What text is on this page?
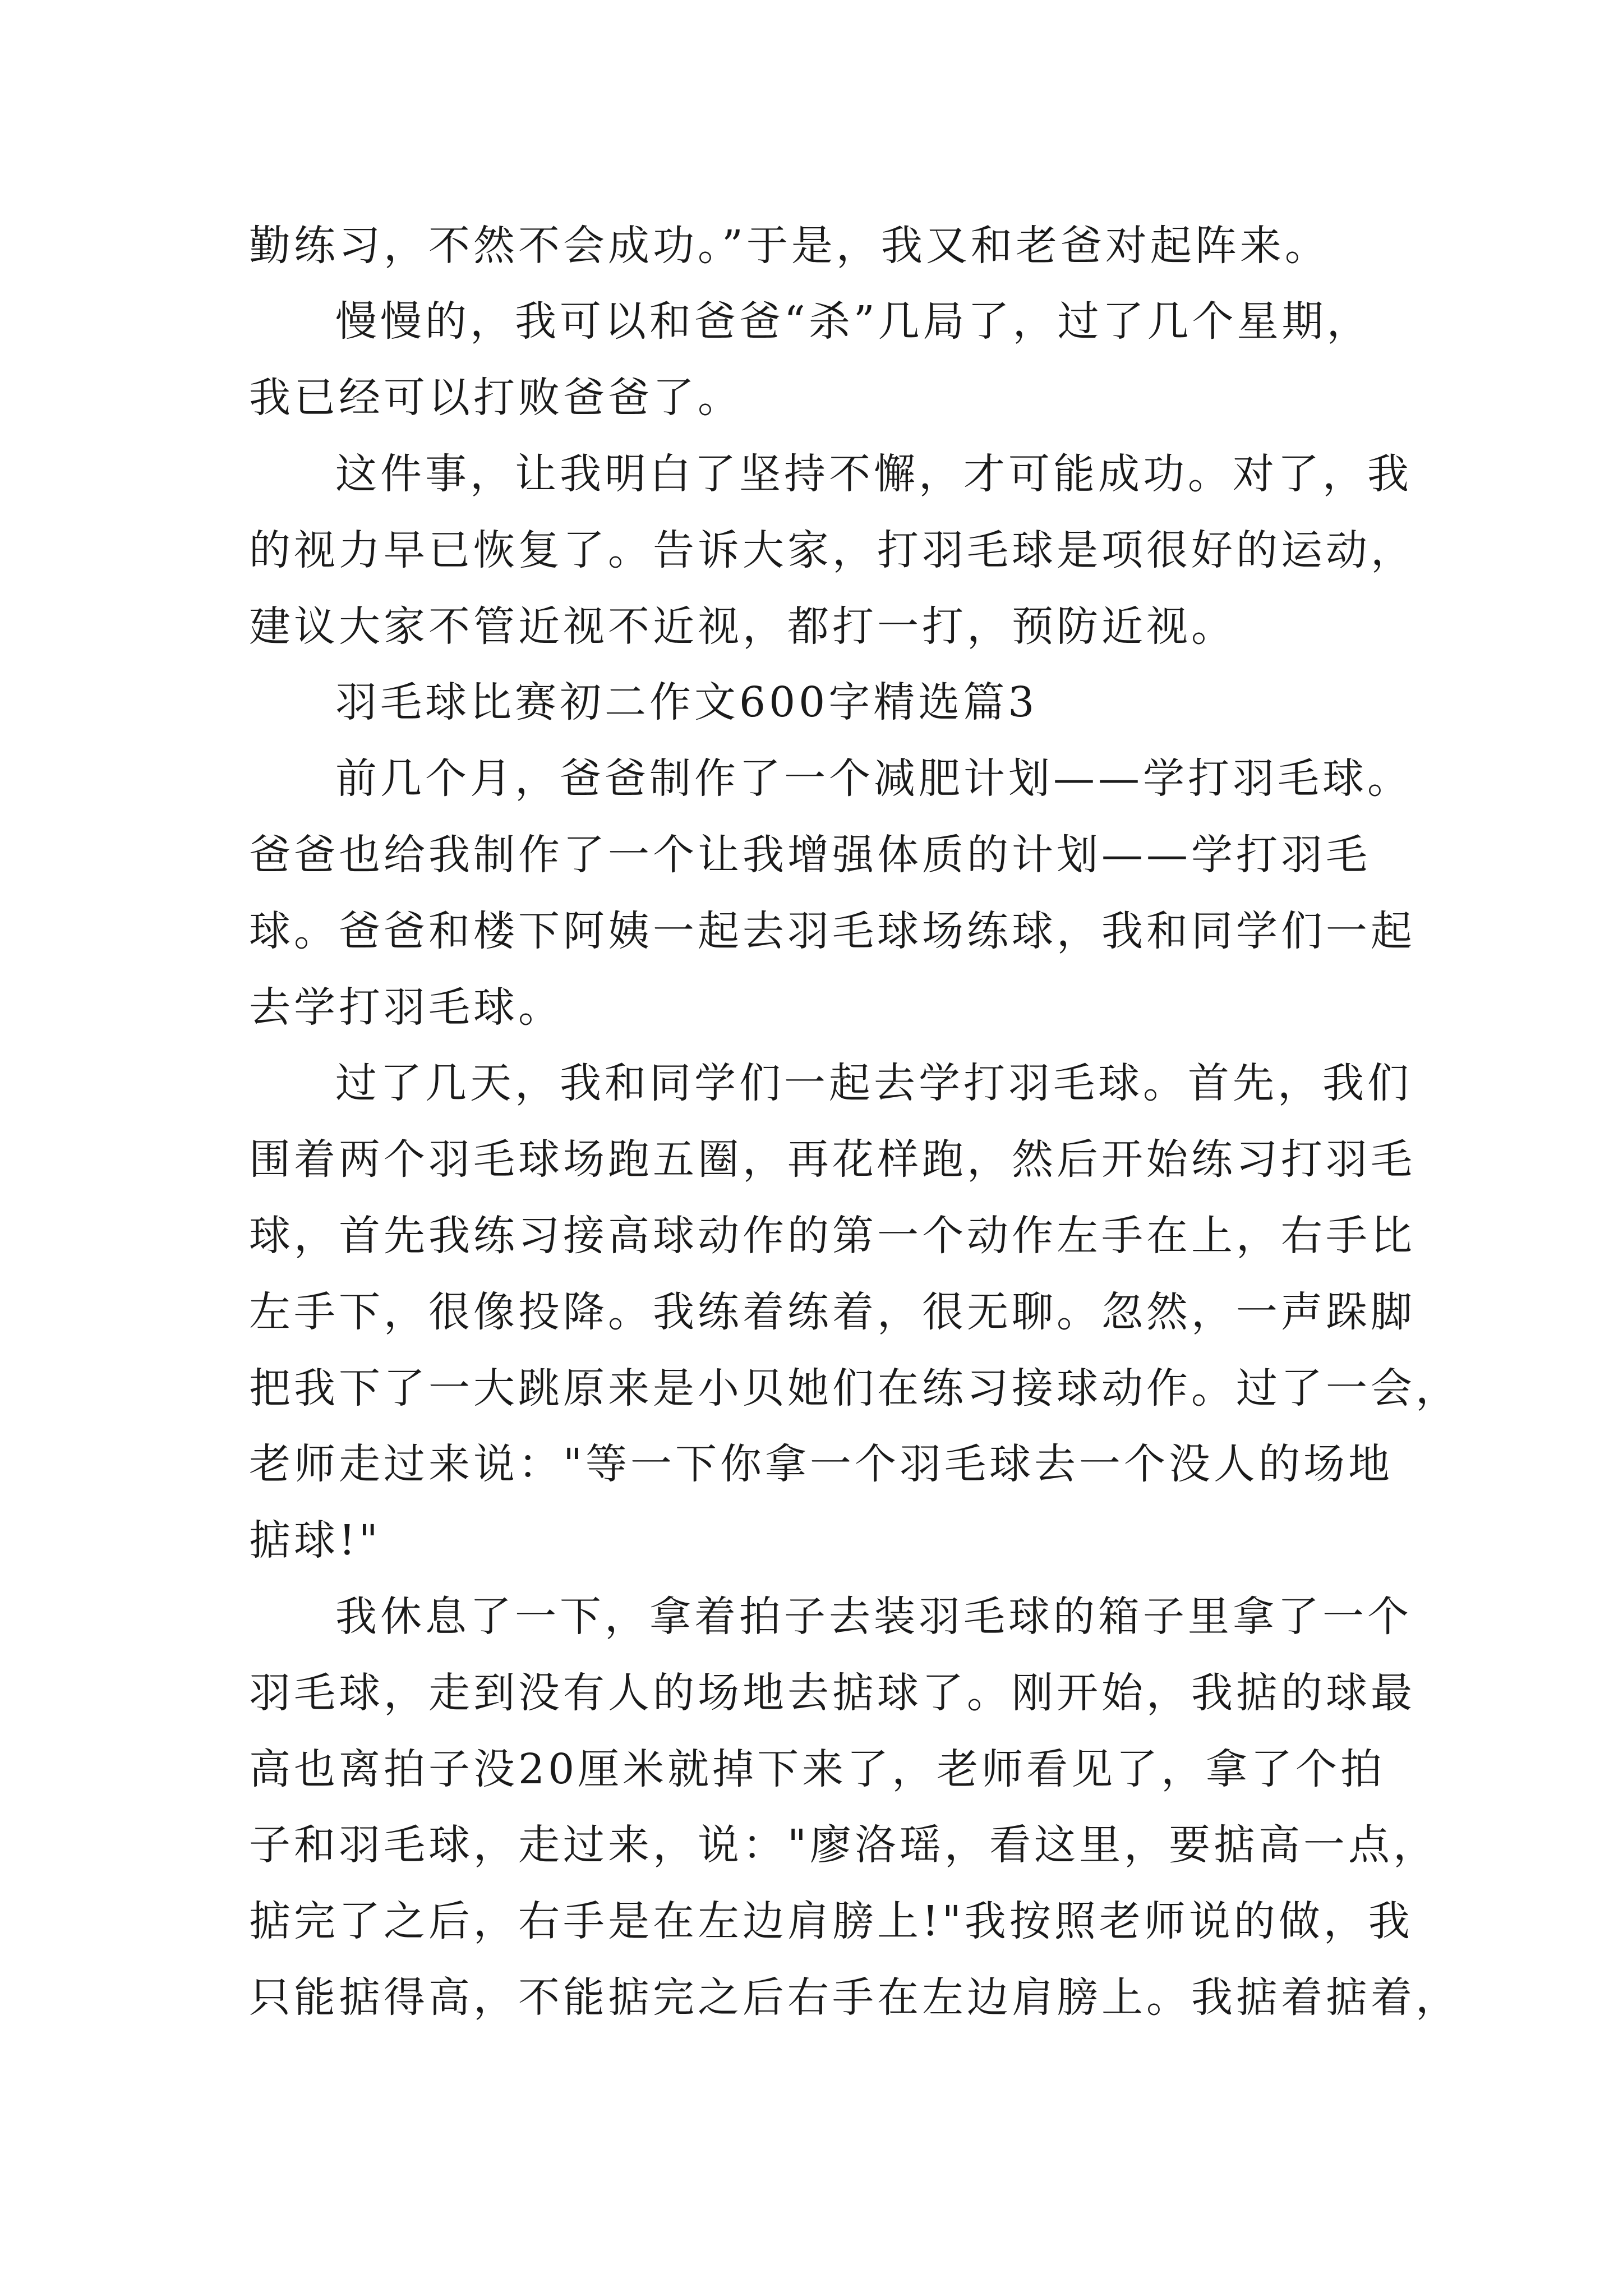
勤练习，不然不会成功。”于是，我又和老爸对起阵来。
慢慢的，我可以和爸爸“杀”几局了，过了几个星期，
我已经可以打败爸爸了。
这件事，让我明白了坚持不懈，才可能成功。对了，我
的视力早已恢复了。告诉大家，打羽毛球是项很好的运动，
建议大家不管近视不近视，都打一打，预防近视。
羽毛球比赛初二作文600字精选篇3
前几个月，爸爸制作了一个减肥计划——学打羽毛球。
爸爸也给我制作了一个让我增强体质的计划——学打羽毛
球。爸爸和楼下阿姨一起去羽毛球场练球，我和同学们一起
去学打羽毛球。
过了几天，我和同学们一起去学打羽毛球。首先，我们
围着两个羽毛球场跑五圈，再花样跑，然后开始练习打羽毛
球，首先我练习接高球动作的第一个动作左手在上，右手比
左手下，很像投降。我练着练着，很无聊。忽然，一声跺脚
把我下了一大跳原来是小贝她们在练习接球动作。过了一会，
老师走过来说："等一下你拿一个羽毛球去一个没人的场地
掂球!"
我休息了一下，拿着拍子去装羽毛球的箱子里拿了一个
羽毛球，走到没有人的场地去掂球了。刚开始，我掂的球最
高也离拍子没20厘米就掉下来了，老师看见了，拿了个拍
子和羽毛球，走过来，说："廖洛瑶，看这里，要掂高一点，
掂完了之后，右手是在左边肩膀上!"我按照老师说的做，我
只能掂得高，不能掂完之后右手在左边肩膀上。我掂着掂着，
